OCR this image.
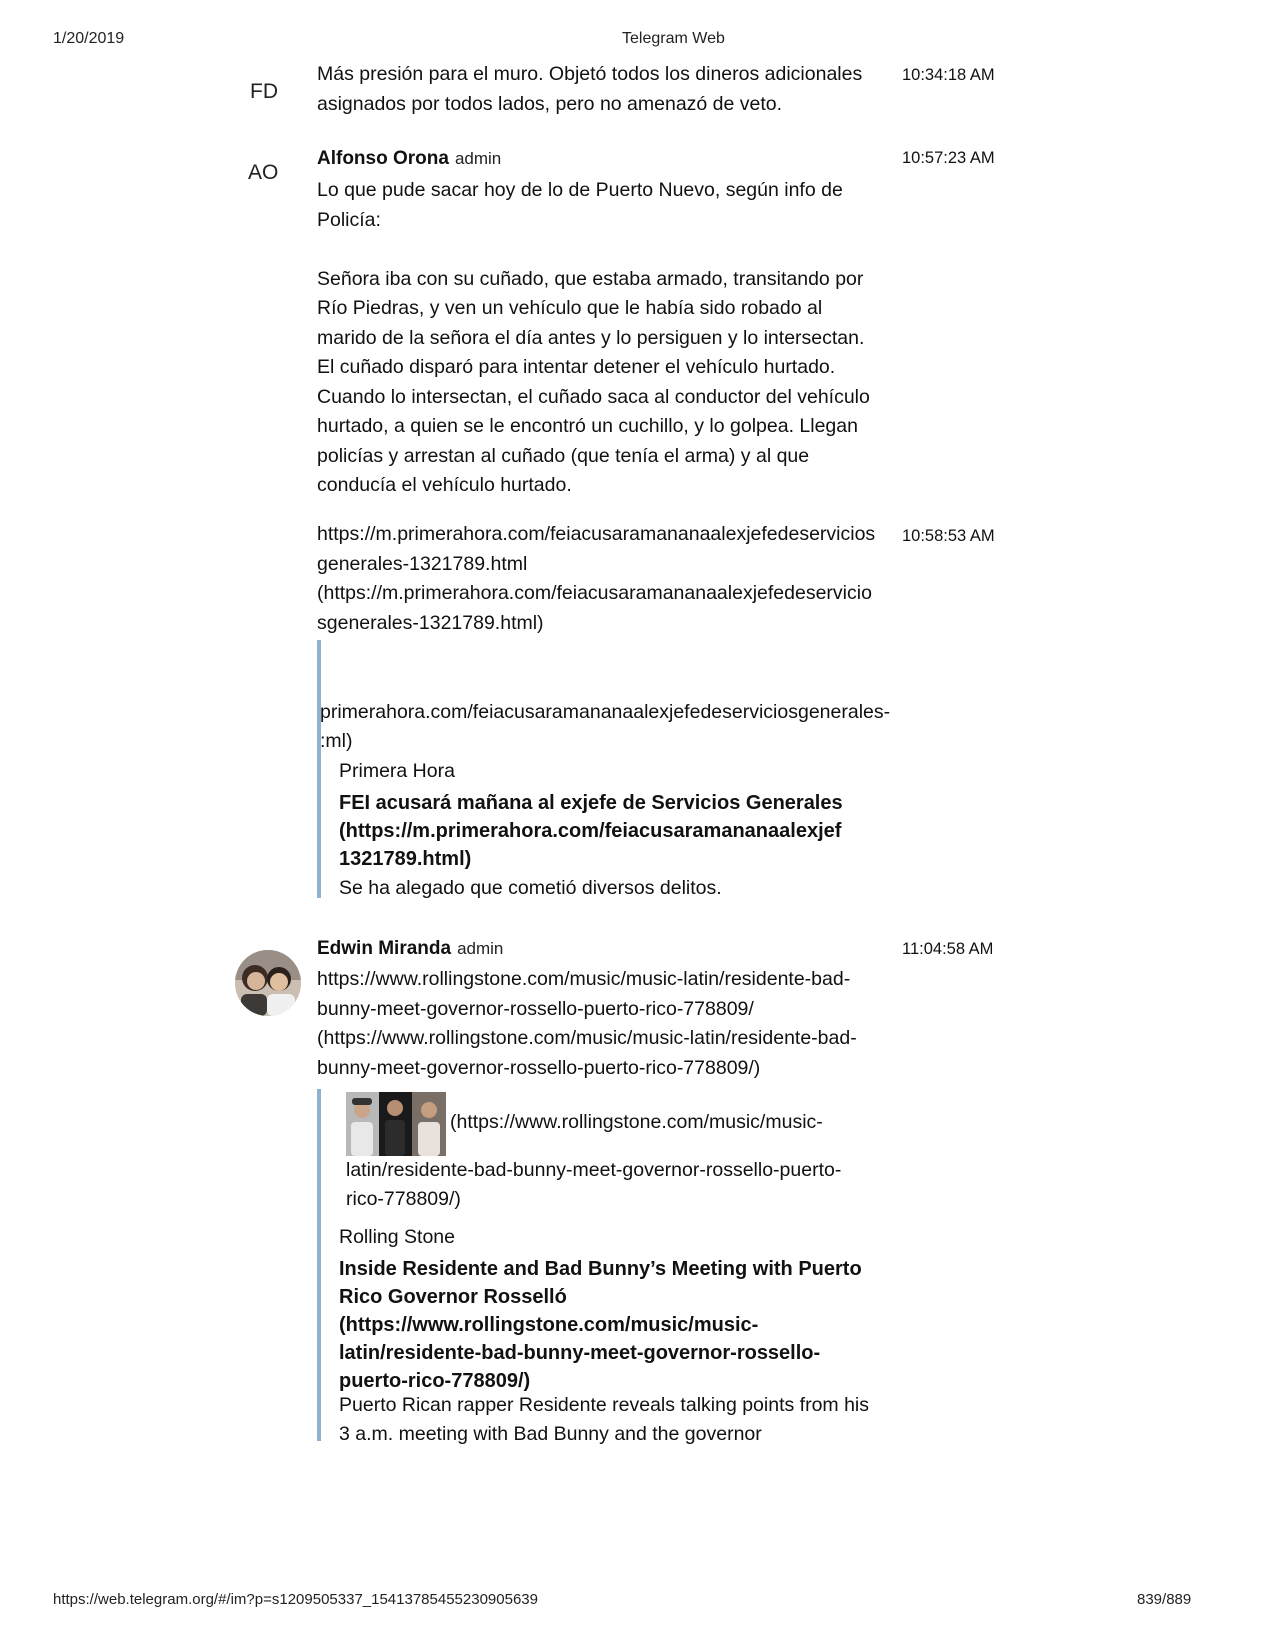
1/20/2019	Telegram Web
FD
Más presión para el muro. Objetó todos los dineros adicionales
asignados por todos lados, pero no amenazó de veto.
10:34:18 AM
AO
Alfonso Orona admin	10:57:23 AM
Lo que pude sacar hoy de lo de Puerto Nuevo, según info de
Policía:

Señora iba con su cuñado, que estaba armado, transitando por
Río Piedras, y ven un vehículo que le había sido robado al
marido de la señora el día antes y lo persiguen y lo intersectan.
El cuñado disparó para intentar detener el vehículo hurtado.
Cuando lo intersectan, el cuñado saca al conductor del vehículo
hurtado, a quien se le encontró un cuchillo, y lo golpea. Llegan
policías y arrestan al cuñado (que tenía el arma) y al que
conducía el vehículo hurtado.
https://m.primerahora.com/feiacusaramananaalexjefedeservicios
generales-1321789.html
(https://m.primerahora.com/feiacusaramananaalexjefedeservicio
sgenerales-1321789.html)
10:58:53 AM
primerahora.com/feiacusaramananaalexjefedeserviciosgenerales-
:ml)
Primera Hora
FEI acusará mañana al exjefe de Servicios Generales
(https://m.primerahora.com/feiacusaramananaalexjef
1321789.html)
Se ha alegado que cometió diversos delitos.
Edwin Miranda admin	11:04:58 AM
https://www.rollingstone.com/music/music-latin/residente-bad-
bunny-meet-governor-rossello-puerto-rico-778809/
(https://www.rollingstone.com/music/music-latin/residente-bad-
bunny-meet-governor-rossello-puerto-rico-778809/)
(https://www.rollingstone.com/music/music-
latin/residente-bad-bunny-meet-governor-rossello-puerto-
rico-778809/)
Rolling Stone
Inside Residente and Bad Bunny’s Meeting with Puerto
Rico Governor Rosselló
(https://www.rollingstone.com/music/music-
latin/residente-bad-bunny-meet-governor-rossello-
puerto-rico-778809/)
Puerto Rican rapper Residente reveals talking points from his
3 a.m. meeting with Bad Bunny and the governor
https://web.telegram.org/#/im?p=s1209505337_15413785455230905639	839/889
